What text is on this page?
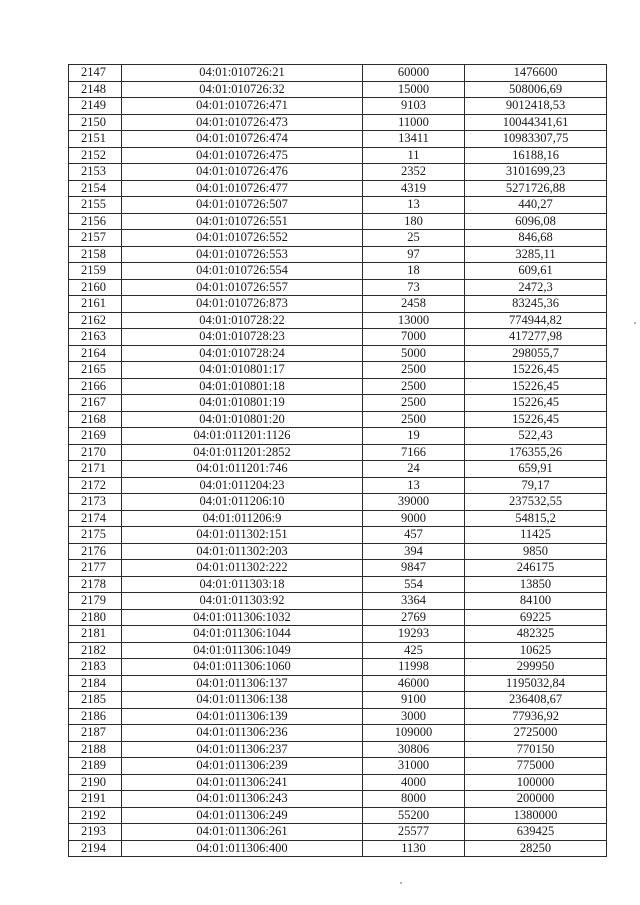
2147	04:01:010726:21	60000	1476600
2148	04:01:010726:32	15000	508006,69
2149	04:01:010726:471	9103	9012418,53
2150	04:01:010726:473	11000	10044341,61
2151	04:01:010726:474	13411	10983307,75
2152	04:01:010726:475	11	16188,16
2153	04:01:010726:476	2352	3101699,23
2154	04:01:010726:477	4319	5271726,88
2155	04:01:010726:507	13	440,27
2156	04:01:010726:551	180	6096,08
2157	04:01:010726:552	25	846,68
2158	04:01:010726:553	97	3285,11
2159	04:01:010726:554	18	609,61
2160	04:01:010726:557	73	2472,3
2161	04:01:010726:873	2458	83245,36
2162	04:01:010728:22	13000	774944,82
2163	04:01:010728:23	7000	417277,98
2164	04:01:010728:24	5000	298055,7
2165	04:01:010801:17	2500	15226,45
2166	04:01:010801:18	2500	15226,45
2167	04:01:010801:19	2500	15226,45
2168	04:01:010801:20	2500	15226,45
2169	04:01:011201:1126	19	522,43
2170	04:01:011201:2852	7166	176355,26
2171	04:01:011201:746	24	659,91
2172	04:01:011204:23	13	79,17
2173	04:01:011206:10	39000	237532,55
2174	04:01:011206:9	9000	54815,2
2175	04:01:011302:151	457	11425
2176	04:01:011302:203	394	9850
2177	04:01:011302:222	9847	246175
2178	04:01:011303:18	554	13850
2179	04:01:011303:92	3364	84100
2180	04:01:011306:1032	2769	69225
2181	04:01:011306:1044	19293	482325
2182	04:01:011306:1049	425	10625
2183	04:01:011306:1060	11998	299950
2184	04:01:011306:137	46000	1195032,84
2185	04:01:011306:138	9100	236408,67
2186	04:01:011306:139	3000	77936,92
2187	04:01:011306:236	109000	2725000
2188	04:01:011306:237	30806	770150
2189	04:01:011306:239	31000	775000
2190	04:01:011306:241	4000	100000
2191	04:01:011306:243	8000	200000
2192	04:01:011306:249	55200	1380000
2193	04:01:011306:261	25577	639425
2194	04:01:011306:400	1130	28250
